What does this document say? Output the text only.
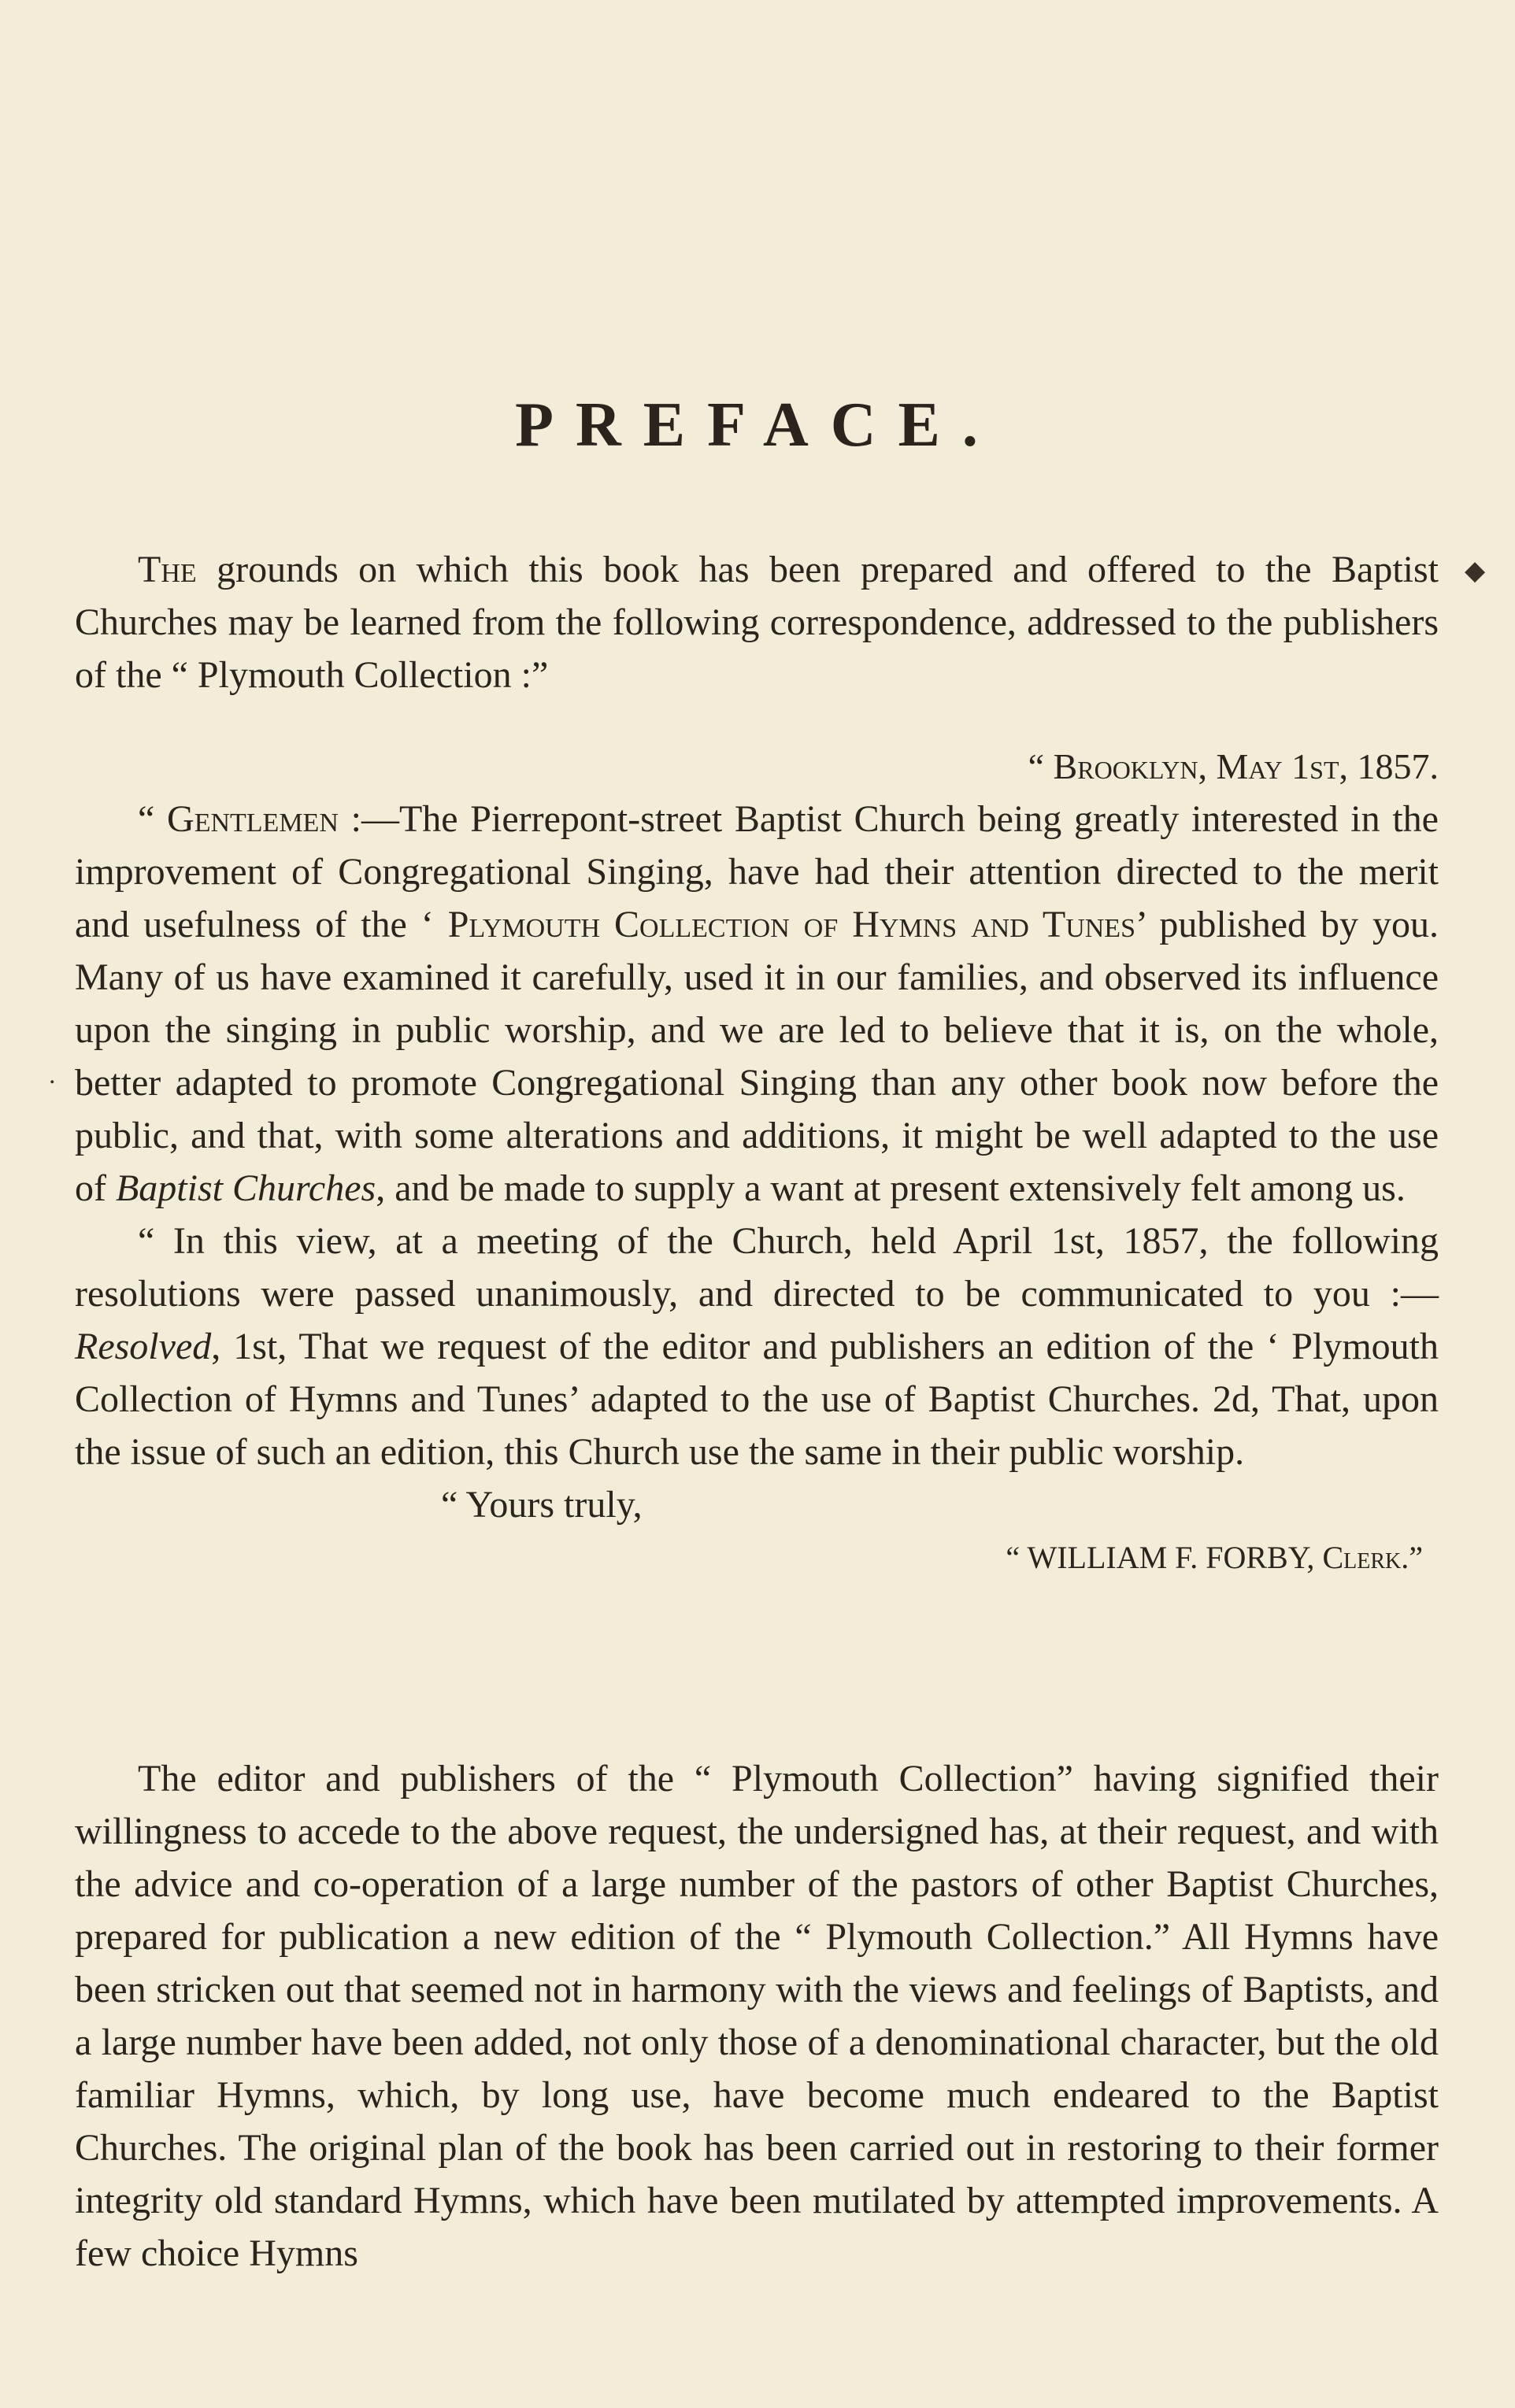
◆
.
PREFACE.

The grounds on which this book has been prepared and offered to the Baptist Churches may be learned from the following correspondence, addressed to the publishers of the “ Plymouth Collection :”

“ Brooklyn, May 1st, 1857.

“ Gentlemen :—The Pierrepont-street Baptist Church being greatly interested in the improvement of Congregational Singing, have had their attention directed to the merit and usefulness of the ‘ Plymouth Collection of Hymns and Tunes’ published by you. Many of us have examined it carefully, used it in our families, and observed its influence upon the singing in public worship, and we are led to believe that it is, on the whole, better adapted to promote Congregational Singing than any other book now before the public, and that, with some alterations and additions, it might be well adapted to the use of Baptist Churches, and be made to supply a want at present extensively felt among us.

“ In this view, at a meeting of the Church, held April 1st, 1857, the following resolutions were passed unanimously, and directed to be communicated to you :—Resolved, 1st, That we request of the editor and publishers an edition of the ‘ Plymouth Collection of Hymns and Tunes’ adapted to the use of Baptist Churches. 2d, That, upon the issue of such an edition, this Church use the same in their public worship.

“ Yours truly,

“ WILLIAM F. FORBY, Clerk.”

The editor and publishers of the “ Plymouth Collection” having signified their willingness to accede to the above request, the undersigned has, at their request, and with the advice and co-operation of a large number of the pastors of other Baptist Churches, prepared for publication a new edition of the “ Plymouth Collection.” All Hymns have been stricken out that seemed not in harmony with the views and feelings of Baptists, and a large number have been added, not only those of a denominational character, but the old familiar Hymns, which, by long use, have become much endeared to the Baptist Churches. The original plan of the book has been carried out in restoring to their former integrity old standard Hymns, which have been mutilated by attempted improvements. A few choice Hymns
